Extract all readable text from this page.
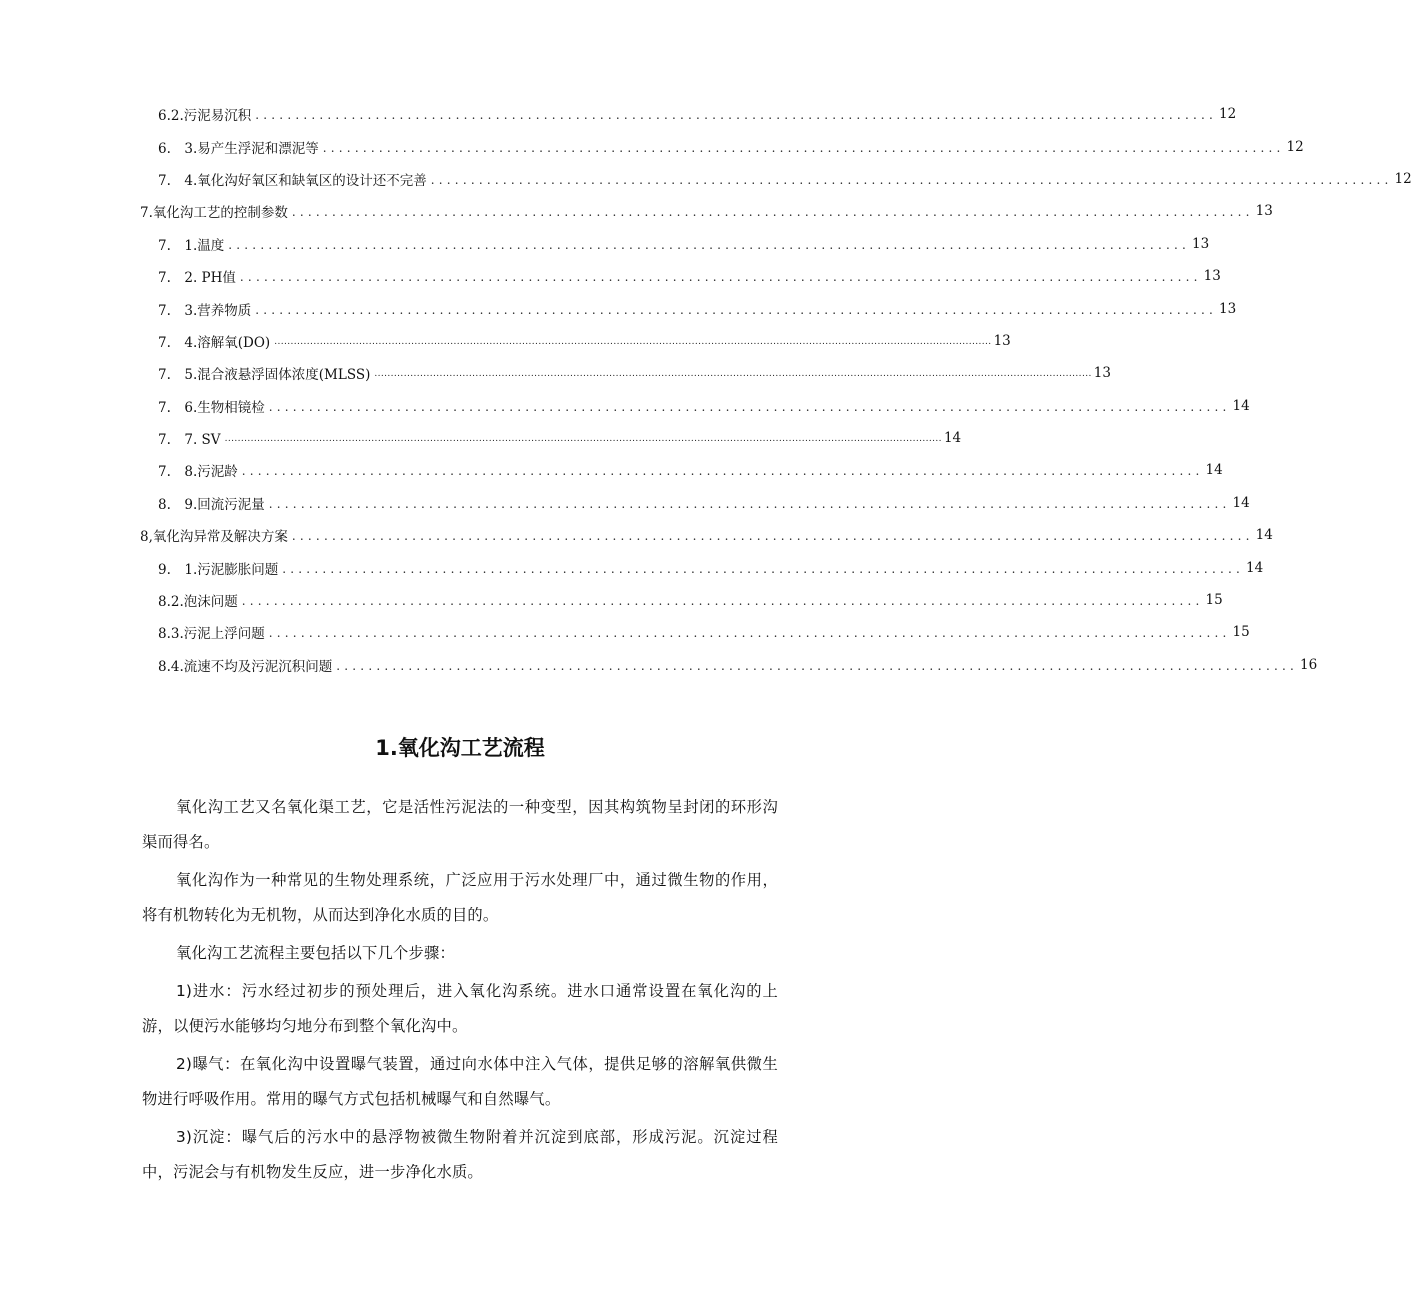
6.2.污泥易沉积 ........................................................................................................................ 12
6.　3.易产生浮泥和漂泥等 ........................................................................................................................ 12
7.　4.氧化沟好氧区和缺氧区的设计还不完善 ........................................................................................................................ 12
7.氧化沟工艺的控制参数 ........................................................................................................................ 13
7.　1.温度 ........................................................................................................................ 13
7.　2. PH值 ........................................................................................................................ 13
7.　3.营养物质 ........................................................................................................................ 13
7.　4.溶解氧(DO) ............................................................................................................................................................................................................................ 13
7.　5.混合液悬浮固体浓度(MLSS) ............................................................................................................................................................................................................................ 13
7.　6.生物相镜检 ........................................................................................................................ 14
7.　7. SV ............................................................................................................................................................................................................................ 14
7.　8.污泥龄 ........................................................................................................................ 14
8.　9.回流污泥量 ........................................................................................................................ 14
8,氧化沟异常及解决方案 ........................................................................................................................ 14
9.　1.污泥膨胀问题 ........................................................................................................................ 14
8.2.泡沫问题 ........................................................................................................................ 15
8.3.污泥上浮问题 ........................................................................................................................ 15
8.4.流速不均及污泥沉积问题 ........................................................................................................................ 16
1.氧化沟工艺流程

氧化沟工艺又名氧化渠工艺，它是活性污泥法的一种变型，因其构筑物呈封闭的环形沟渠而得名。

氧化沟作为一种常见的生物处理系统，广泛应用于污水处理厂中，通过微生物的作用，将有机物转化为无机物，从而达到净化水质的目的。

氧化沟工艺流程主要包括以下几个步骤：

1)进水：污水经过初步的预处理后，进入氧化沟系统。进水口通常设置在氧化沟的上游，以便污水能够均匀地分布到整个氧化沟中。

2)曝气：在氧化沟中设置曝气装置，通过向水体中注入气体，提供足够的溶解氧供微生物进行呼吸作用。常用的曝气方式包括机械曝气和自然曝气。

3)沉淀：曝气后的污水中的悬浮物被微生物附着并沉淀到底部，形成污泥。沉淀过程中，污泥会与有机物发生反应，进一步净化水质。
